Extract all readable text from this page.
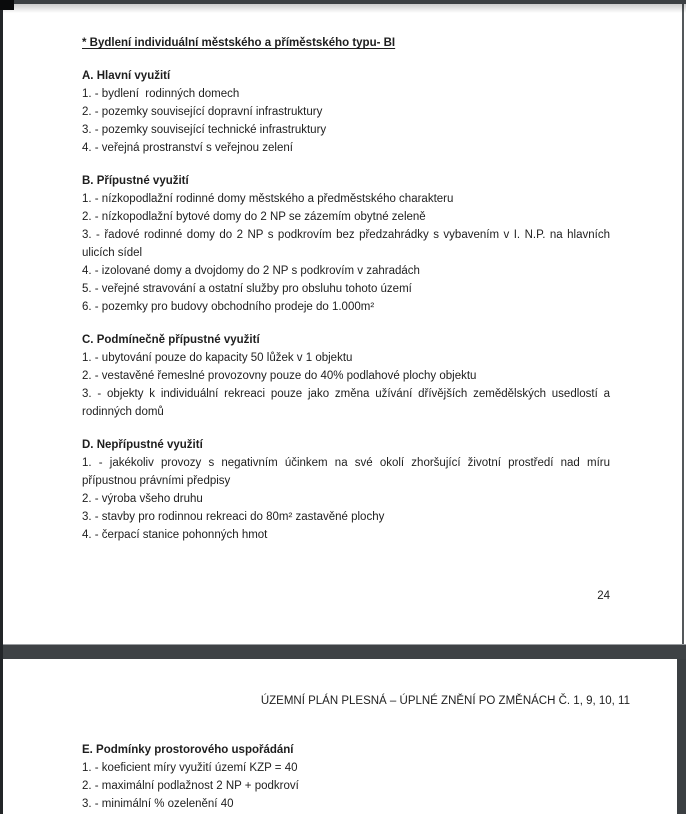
* Bydlení individuální městského a příměstského typu- BI

A. Hlavní využití

1. - bydlení  rodinných domech

2. - pozemky související dopravní infrastruktury

3. - pozemky související technické infrastruktury

4. - veřejná prostranství s veřejnou zelení

B. Přípustné využití

1. - nízkopodlažní rodinné domy městského a předměstského charakteru

2. - nízkopodlažní bytové domy do 2 NP se zázemím obytné zeleně

3. - řadové rodinné domy do 2 NP s podkrovím bez předzahrádky s vybavením v I. N.P. na hlavních ulicích sídel

4. - izolované domy a dvojdomy do 2 NP s podkrovím v zahradách

5. - veřejné stravování a ostatní služby pro obsluhu tohoto území

6. - pozemky pro budovy obchodního prodeje do 1.000m²

C. Podmínečně přípustné využití

1. - ubytování pouze do kapacity 50 lůžek v 1 objektu

2. - vestavěné řemeslné provozovny pouze do 40% podlahové plochy objektu

3. - objekty k individuální rekreaci pouze jako změna užívání dřívějších zemědělských usedlostí a rodinných domů

D. Nepřípustné využití

1. - jakékoliv provozy s negativním účinkem na své okolí zhoršující životní prostředí nad míru přípustnou právními předpisy

2. - výroba všeho druhu

3. - stavby pro rodinnou rekreaci do 80m² zastavěné plochy

4. - čerpací stanice pohonných hmot

24

ÚZEMNÍ PLÁN PLESNÁ – ÚPLNÉ ZNĚNÍ PO ZMĚNÁCH Č. 1, 9, 10, 11

E. Podmínky prostorového uspořádání

1. - koeficient míry využití území KZP = 40

2. - maximální podlažnost 2 NP + podkroví

3. - minimální % ozelenění 40
